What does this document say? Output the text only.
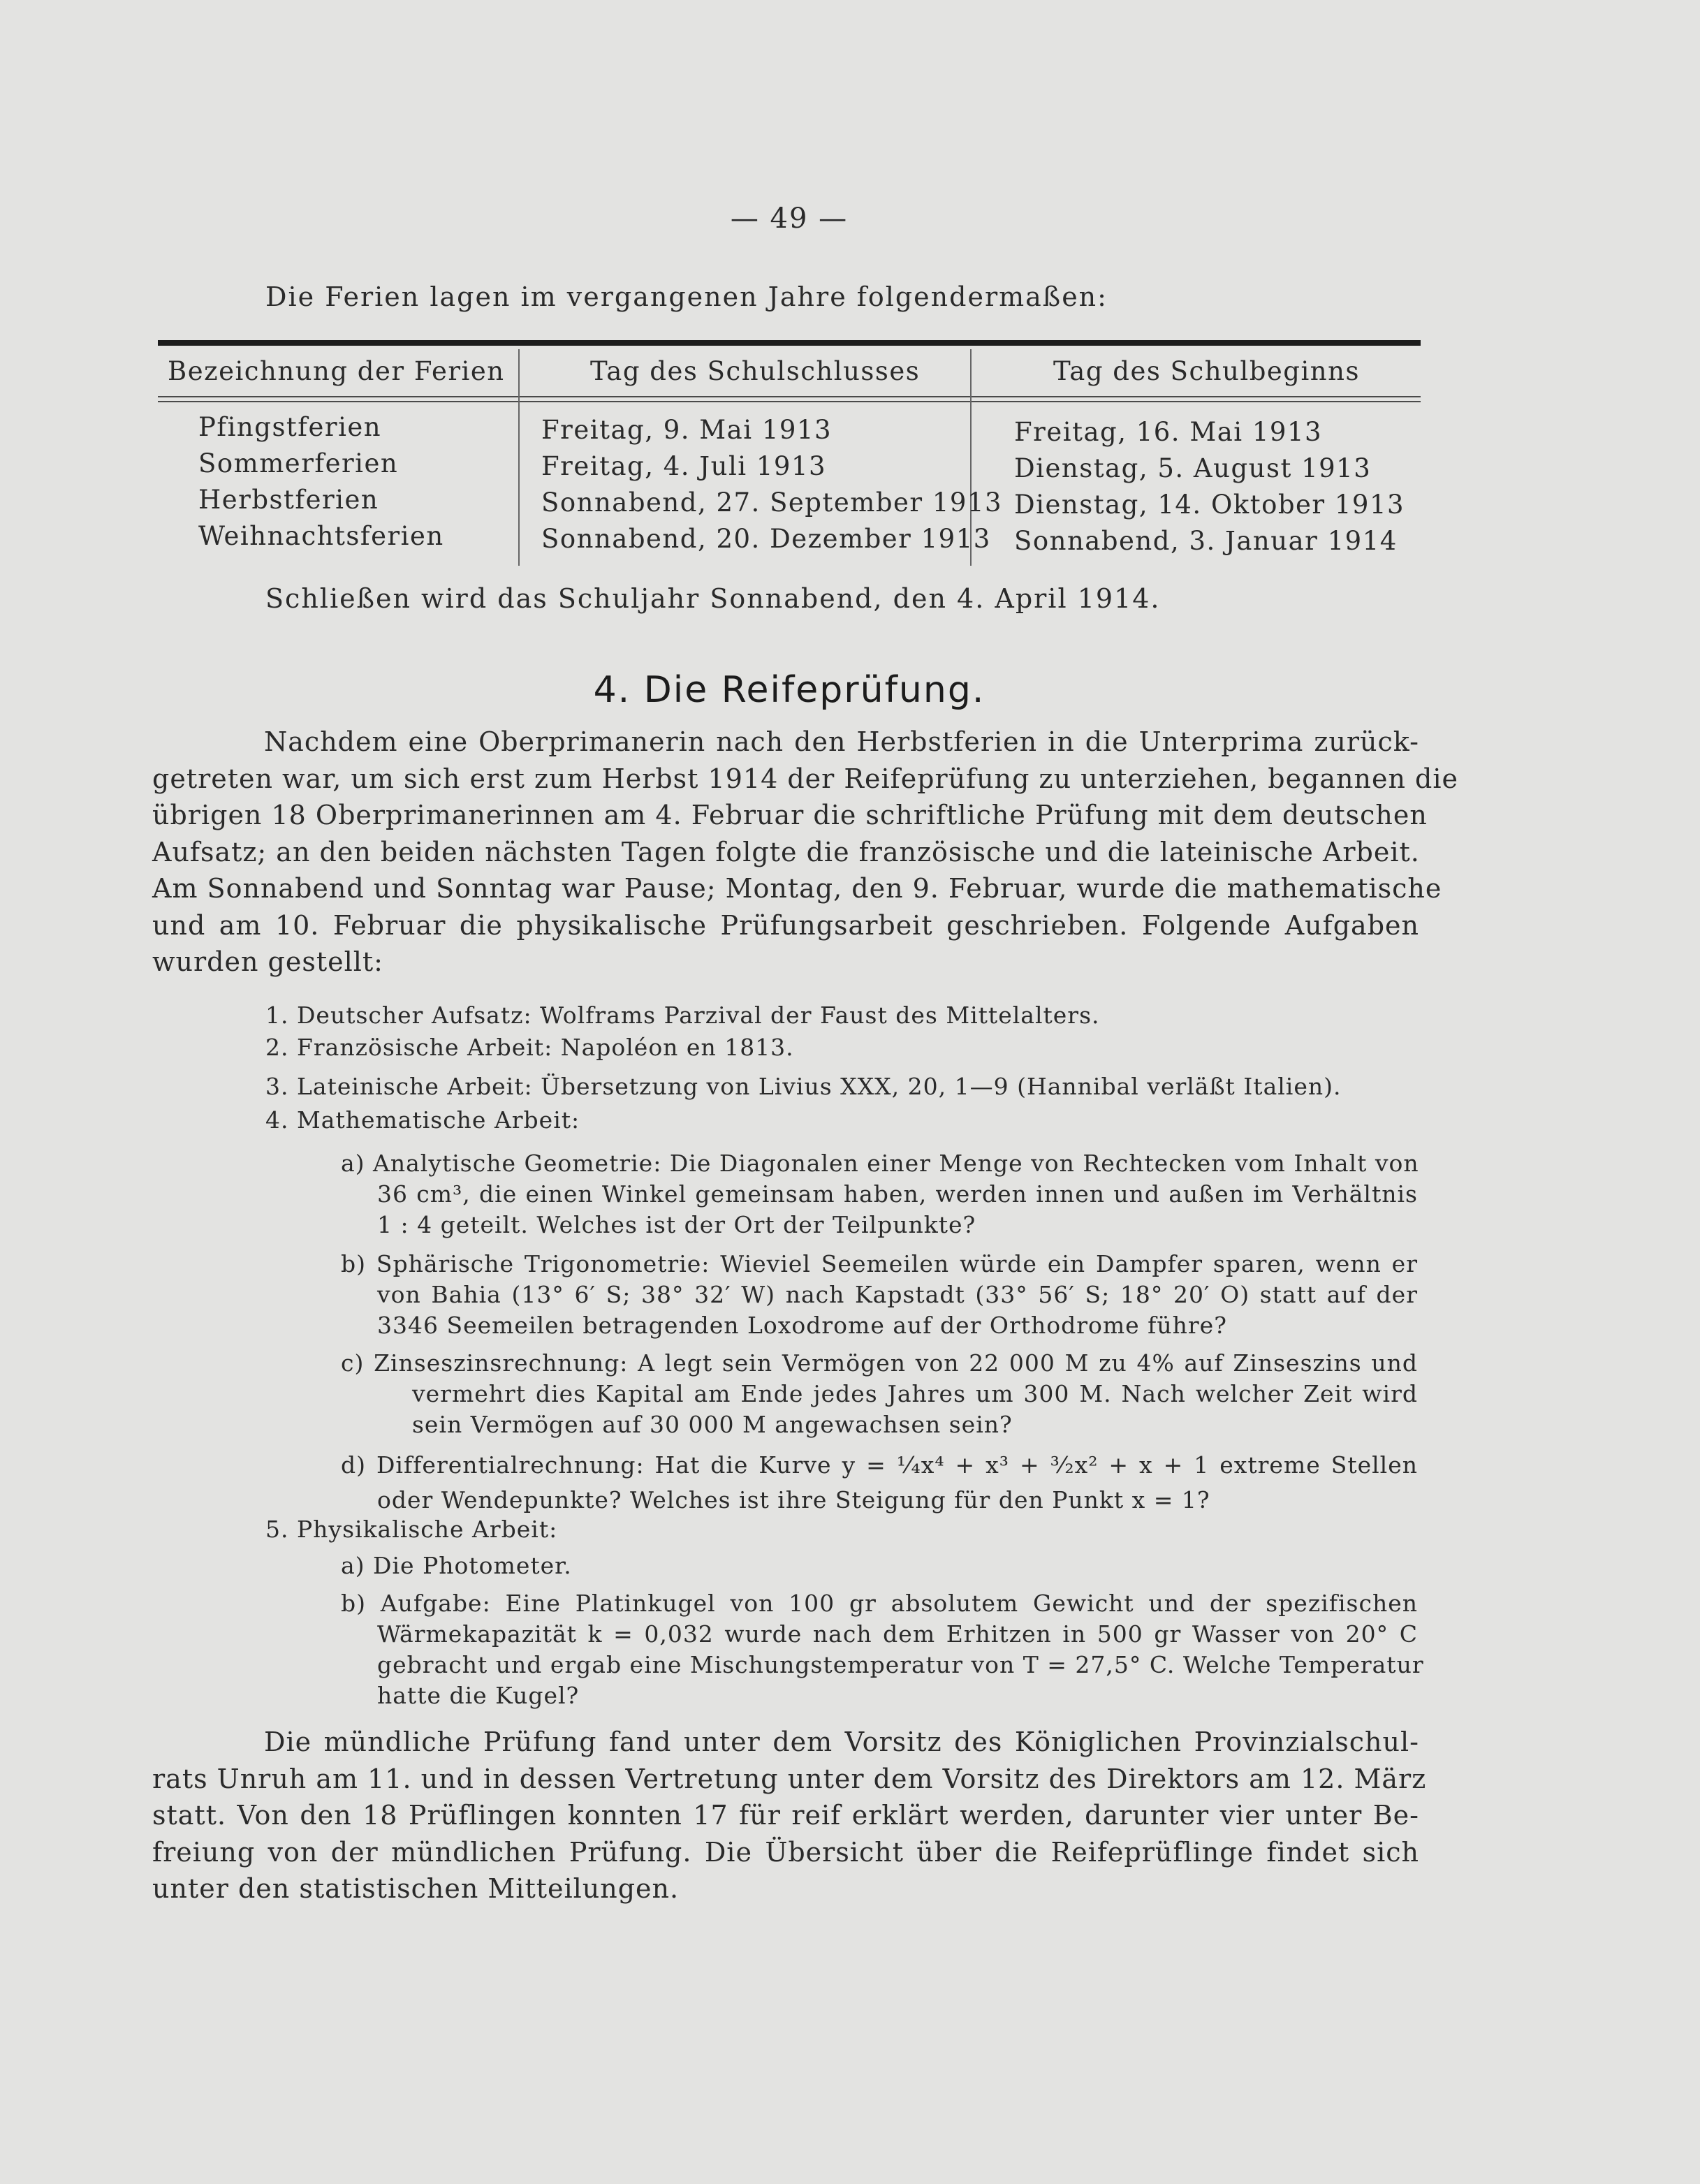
— 49 —
Die Ferien lagen im vergangenen Jahre folgendermaßen:
Bezeichnung der Ferien	Tag des Schulschlusses	Tag des Schulbeginns
Pfingstferien	Freitag, 9. Mai 1913	Freitag, 16. Mai 1913
Sommerferien	Freitag, 4. Juli 1913	Dienstag, 5. August 1913
Herbstferien	Sonnabend, 27. September 1913 Dienstag, 14. Oktober 1913
Weihnachtsferien	Sonnabend, 20. Dezember 1913 Sonnabend, 3. Januar 1914
Schließen wird das Schuljahr Sonnabend, den 4. April 1914.
4. Die Reifeprüfung.
Nachdem eine Oberprimanerin nach den Herbstferien in die Unterprima zurück-
getreten war, um sich erst zum Herbst 1914 der Reifeprüfung zu unterziehen, begannen die
übrigen 18 Oberprimanerinnen am 4. Februar die schriftliche Prüfung mit dem deutschen
Aufsatz; an den beiden nächsten Tagen folgte die französische und die lateinische Arbeit.
Am Sonnabend und Sonntag war Pause; Montag, den 9. Februar, wurde die mathematische
und am 10. Februar die physikalische Prüfungsarbeit geschrieben. Folgende Aufgaben
wurden gestellt:
1. Deutscher Aufsatz: Wolframs Parzival der Faust des Mittelalters.
2. Französische Arbeit: Napoléon en 1813.
3. Lateinische Arbeit: Übersetzung von Livius XXX, 20, 1—9 (Hannibal verläßt Italien).
4. Mathematische Arbeit:
a) Analytische Geometrie: Die Diagonalen einer Menge von Rechtecken vom Inhalt von
36 cm³, die einen Winkel gemeinsam haben, werden innen und außen im Verhältnis
1 : 4 geteilt. Welches ist der Ort der Teilpunkte?
b) Sphärische Trigonometrie: Wieviel Seemeilen würde ein Dampfer sparen, wenn er
von Bahia (13° 6′ S; 38° 32′ W) nach Kapstadt (33° 56′ S; 18° 20′ O) statt auf der
3346 Seemeilen betragenden Loxodrome auf der Orthodrome führe?
c) Zinseszinsrechnung: A legt sein Vermögen von 22 000 M zu 4% auf Zinseszins und
vermehrt dies Kapital am Ende jedes Jahres um 300 M. Nach welcher Zeit wird
sein Vermögen auf 30 000 M angewachsen sein?
d) Differentialrechnung: Hat die Kurve y = ¹⁄₄x⁴ + x³ + ³⁄₂x² + x + 1 extreme Stellen
oder Wendepunkte? Welches ist ihre Steigung für den Punkt x = 1?
5. Physikalische Arbeit:
a) Die Photometer.
b) Aufgabe: Eine Platinkugel von 100 gr absolutem Gewicht und der spezifischen
Wärmekapazität k = 0,032 wurde nach dem Erhitzen in 500 gr Wasser von 20° C
gebracht und ergab eine Mischungstemperatur von T = 27,5° C. Welche Temperatur
hatte die Kugel?
Die mündliche Prüfung fand unter dem Vorsitz des Königlichen Provinzialschul-
rats Unruh am 11. und in dessen Vertretung unter dem Vorsitz des Direktors am 12. März
statt. Von den 18 Prüflingen konnten 17 für reif erklärt werden, darunter vier unter Be-
freiung von der mündlichen Prüfung. Die Übersicht über die Reifeprüflinge findet sich
unter den statistischen Mitteilungen.
